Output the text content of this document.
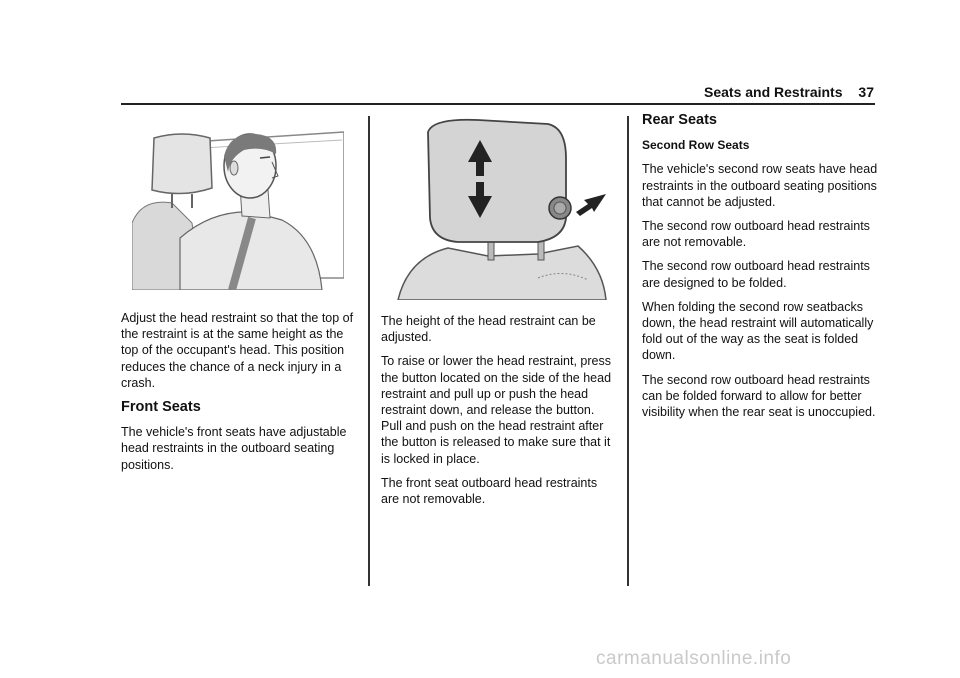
Seats and Restraints 37

Adjust the head restraint so that the top of the restraint is at the same height as the top of the occupant's head. This position reduces the chance of a neck injury in a crash.

Front Seats

The vehicle's front seats have adjustable head restraints in the outboard seating positions.

The height of the head restraint can be adjusted.

To raise or lower the head restraint, press the button located on the side of the head restraint and pull up or push the head restraint down, and release the button. Pull and push on the head restraint after the button is released to make sure that it is locked in place.

The front seat outboard head restraints are not removable.

Rear Seats
Second Row Seats

The vehicle's second row seats have head restraints in the outboard seating positions that cannot be adjusted.

The second row outboard head restraints are not removable.

The second row outboard head restraints are designed to be folded.

When folding the second row seatbacks down, the head restraint will automatically fold out of the way as the seat is folded down.

The second row outboard head restraints can be folded forward to allow for better visibility when the rear seat is unoccupied.

carmanualsonline.info
